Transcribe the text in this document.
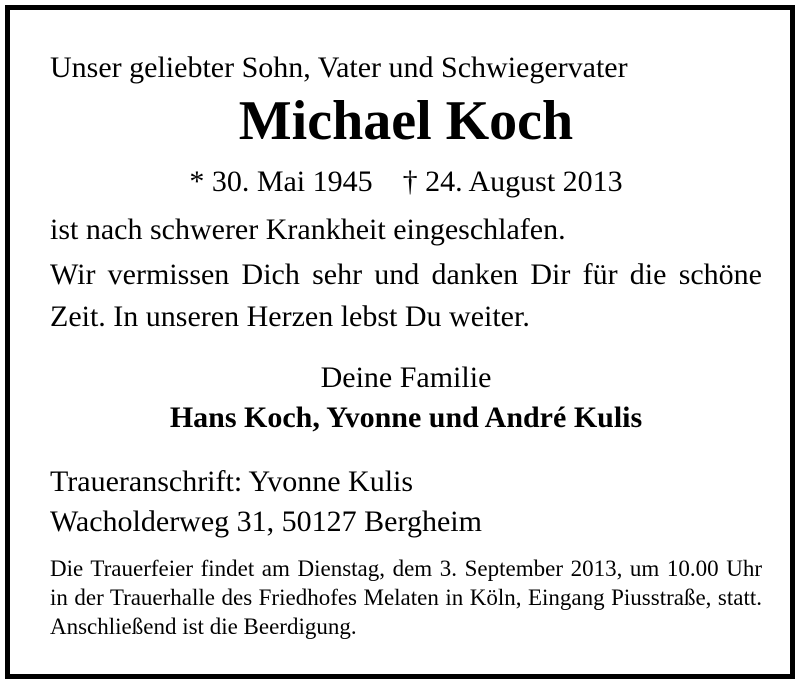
Unser geliebter Sohn, Vater und Schwiegervater

Michael Koch

* 30. Mai 1945 † 24. August 2013

ist nach schwerer Krankheit eingeschlafen.

Wir vermissen Dich sehr und danken Dir für die schöne Zeit. In unseren Herzen lebst Du weiter.

Deine Familie

Hans Koch, Yvonne und André Kulis

Traueranschrift: Yvonne Kulis

Wacholderweg 31, 50127 Bergheim

Die Trauerfeier findet am Dienstag, dem 3. September 2013, um 10.00 Uhr in der Trauerhalle des Friedhofes Melaten in Köln, Eingang Piusstraße, statt. Anschließend ist die Beerdigung.
